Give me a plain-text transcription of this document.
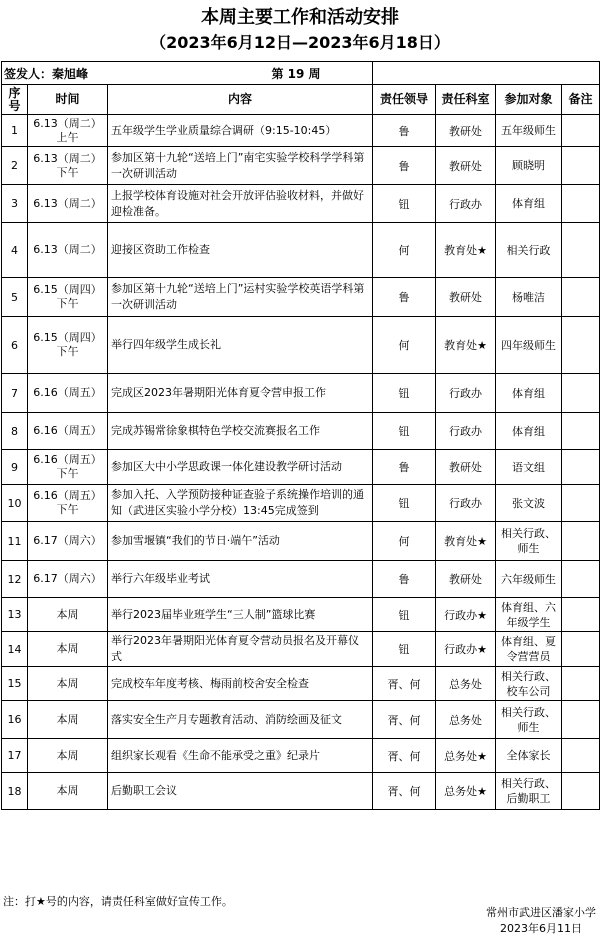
本周主要工作和活动安排
（2023年6月12日—2023年6月18日）
签发人：秦旭峰 第 19 周						

序号	时间	内容	责任领导	责任科室	参加对象	备注
1	6.13（周二）上午	五年级学生学业质量综合调研（9:15-10:45）	鲁	教研处	五年级师生	
2	6.13（周二）下午	参加区第十九轮“送培上门”南宅实验学校科学学科第一次研训活动	鲁	教研处	顾晓明	
3	6.13（周二）	上报学校体育设施对社会开放评估验收材料，并做好迎检准备。	钮	行政办	体育组	
4	6.13（周二）	迎接区资助工作检查	何	教育处★	相关行政	
5	6.15（周四）下午	参加区第十九轮“送培上门”运村实验学校英语学科第一次研训活动	鲁	教研处	杨唯洁	
6	6.15（周四）下午	举行四年级学生成长礼	何	教育处★	四年级师生	
7	6.16（周五）	完成区2023年暑期阳光体育夏令营申报工作	钮	行政办	体育组	
8	6.16（周五）	完成苏锡常徐象棋特色学校交流赛报名工作	钮	行政办	体育组	
9	6.16（周五）下午	参加区大中小学思政课一体化建设教学研讨活动	鲁	教研处	语文组	
10	6.16（周五）下午	参加入托、入学预防接种证查验子系统操作培训的通知（武进区实验小学分校）13:45完成签到	钮	行政办	张文波	
11	6.17（周六）	参加雪堰镇“我们的节日·端午”活动	何	教育处★	相关行政、师生	
12	6.17（周六）	举行六年级毕业考试	鲁	教研处	六年级师生	
13	本周	举行2023届毕业班学生“三人制”篮球比赛	钮	行政办★	体育组、六年级学生	
14	本周	举行2023年暑期阳光体育夏令营动员报名及开幕仪式	钮	行政办★	体育组、夏令营营员	
15	本周	完成校车年度考核、梅雨前校舍安全检查	胥、何	总务处	相关行政、校车公司	
16	本周	落实安全生产月专题教育活动、消防绘画及征文	胥、何	总务处	相关行政、师生	
17	本周	组织家长观看《生命不能承受之重》纪录片	胥、何	总务处★	全体家长	
18	本周	后勤职工会议	胥、何	总务处★	相关行政、后勤职工	
注：打★号的内容，请责任科室做好宣传工作。
常州市武进区潘家小学
2023年6月11日
